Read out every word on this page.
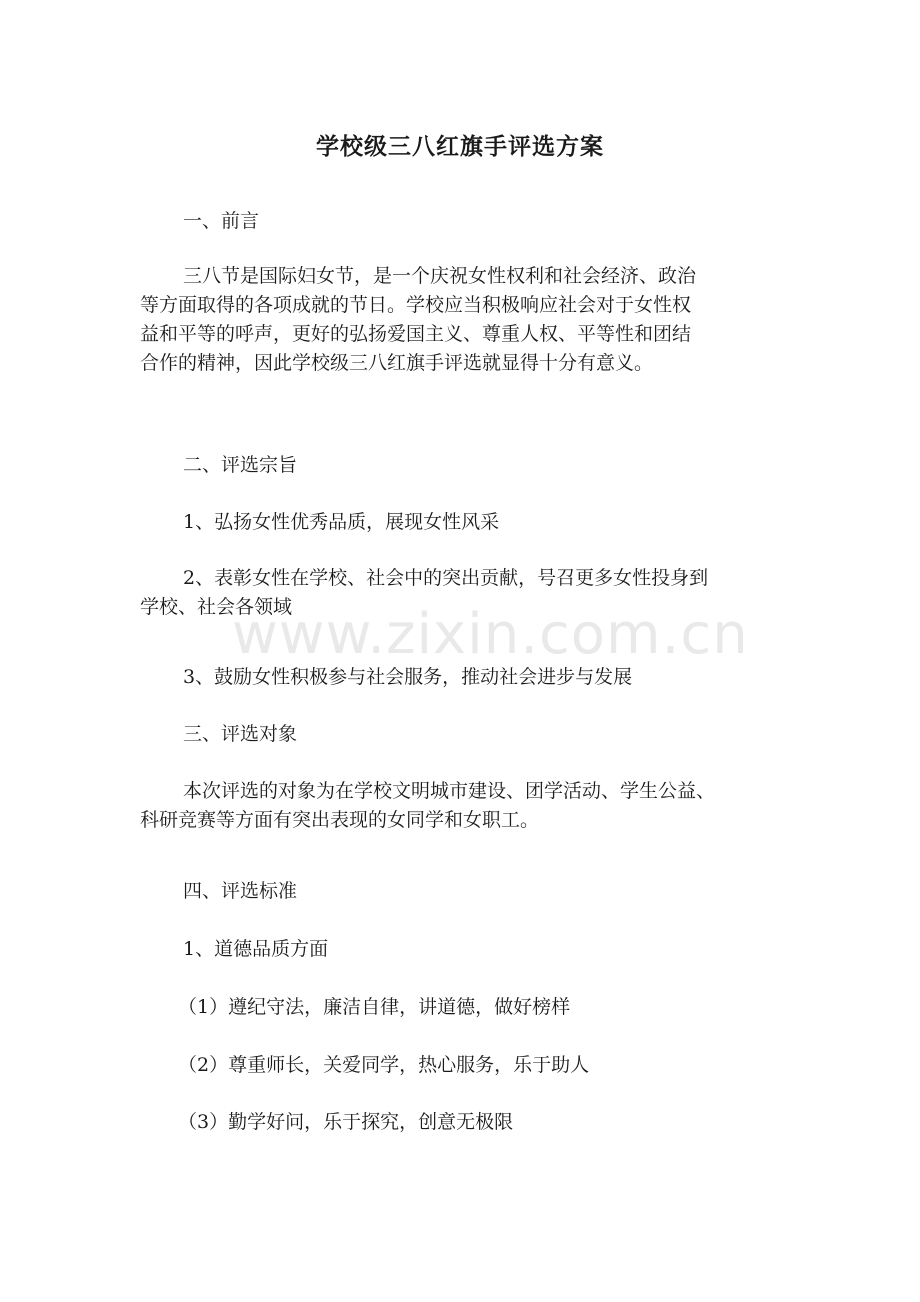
学校级三八红旗手评选方案

一、前言

三八节是国际妇女节，是一个庆祝女性权利和社会经济、政治
等方面取得的各项成就的节日。学校应当积极响应社会对于女性权
益和平等的呼声，更好的弘扬爱国主义、尊重人权、平等性和团结
合作的精神，因此学校级三八红旗手评选就显得十分有意义。

二、评选宗旨

1、弘扬女性优秀品质，展现女性风采

2、表彰女性在学校、社会中的突出贡献，号召更多女性投身到
学校、社会各领域

3、鼓励女性积极参与社会服务，推动社会进步与发展

三、评选对象

本次评选的对象为在学校文明城市建设、团学活动、学生公益、
科研竞赛等方面有突出表现的女同学和女职工。

四、评选标准

1、道德品质方面

（1）遵纪守法，廉洁自律，讲道德，做好榜样

（2）尊重师长，关爱同学，热心服务，乐于助人

（3）勤学好问，乐于探究，创意无极限

www.zixin.com.cn
